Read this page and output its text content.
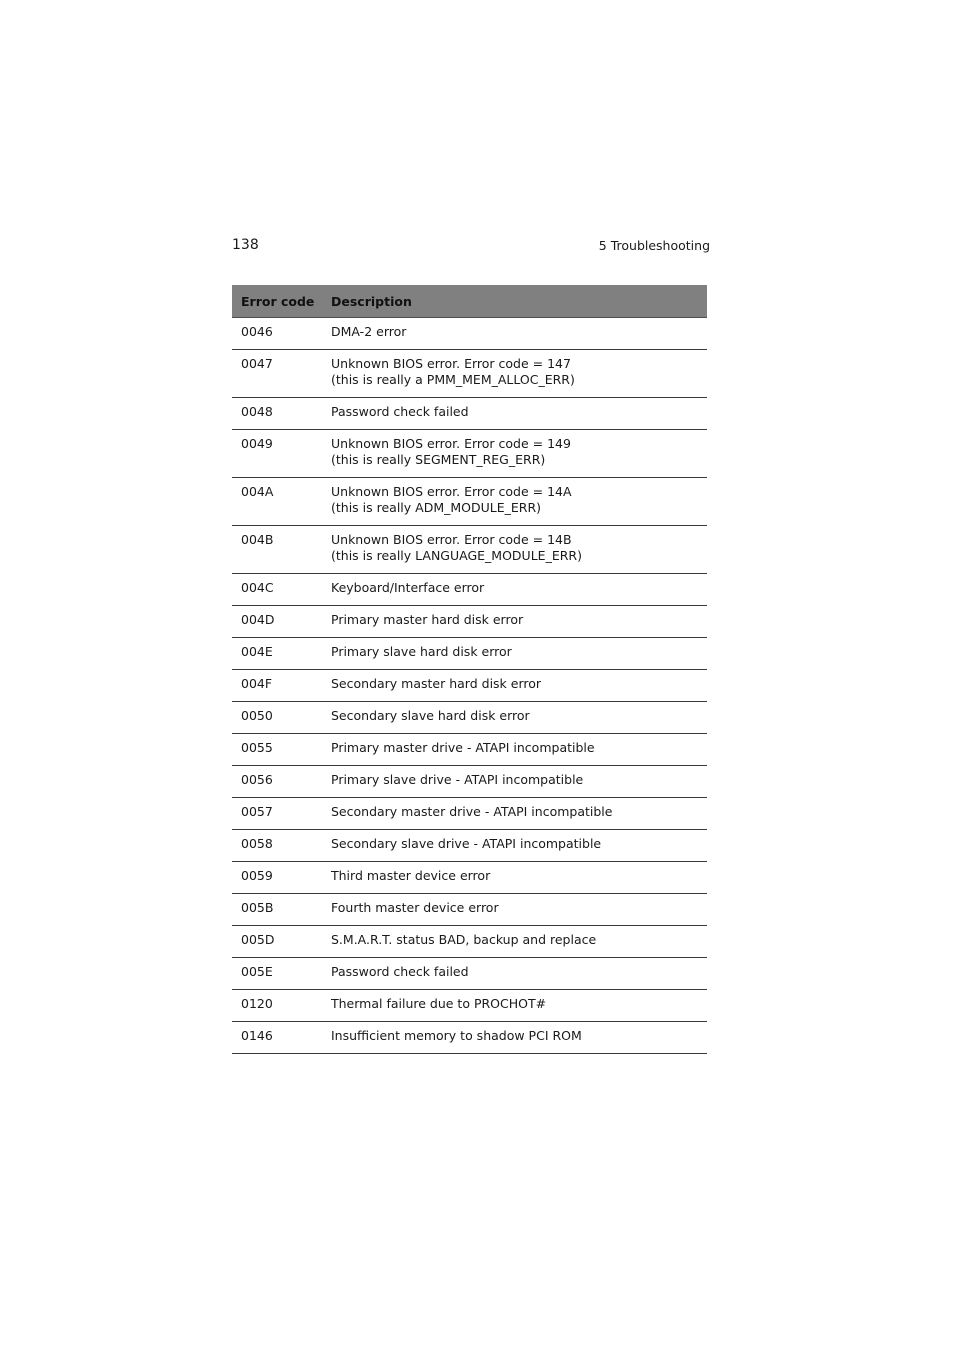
138	5 Troubleshooting
Error code	Description
0046	DMA-2 error

0047	Unknown BIOS error. Error code = 147
(this is really a PMM_MEM_ALLOC_ERR)

0048	Password check failed

0049	Unknown BIOS error. Error code = 149
(this is really SEGMENT_REG_ERR)

004A	Unknown BIOS error. Error code = 14A
(this is really ADM_MODULE_ERR)

004B	Unknown BIOS error. Error code = 14B
(this is really LANGUAGE_MODULE_ERR)

004C	Keyboard/Interface error

004D	Primary master hard disk error

004E	Primary slave hard disk error

004F	Secondary master hard disk error

0050	Secondary slave hard disk error

0055	Primary master drive - ATAPI incompatible

0056	Primary slave drive - ATAPI incompatible

0057	Secondary master drive - ATAPI incompatible

0058	Secondary slave drive - ATAPI incompatible

0059	Third master device error

005B	Fourth master device error

005D	S.M.A.R.T. status BAD, backup and replace

005E	Password check failed

0120	Thermal failure due to PROCHOT#

0146	Insufficient memory to shadow PCI ROM
